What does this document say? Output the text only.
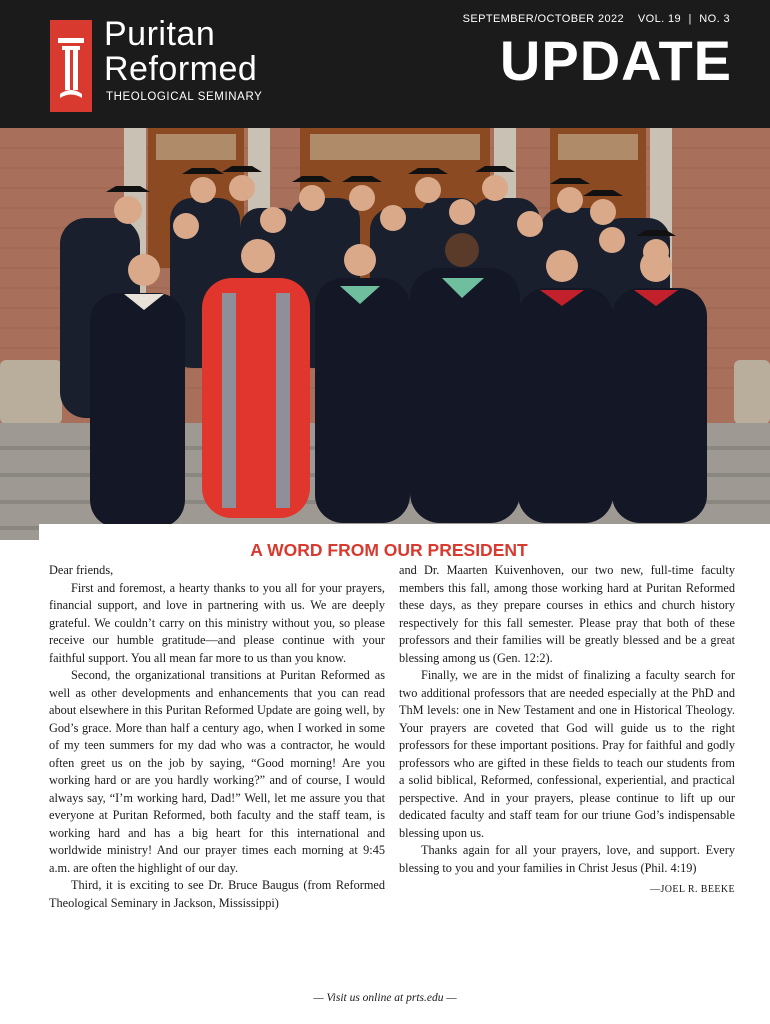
Puritan
Reformed
THEOLOGICAL SEMINARY
SEPTEMBER/OCTOBER 2022 VOL. 19 | NO. 3
UPDATE
A WORD FROM OUR PRESIDENT

Dear friends,

First and foremost, a hearty thanks to you all for your prayers, financial support, and love in partnering with us. We are deeply grateful. We couldn’t carry on this ministry without you, so please receive our humble gratitude—and please continue with your faithful support. You all mean far more to us than you know.

Second, the organizational transitions at Puritan Reformed as well as other developments and enhancements that you can read about elsewhere in this Puritan Reformed Update are going well, by God’s grace. More than half a century ago, when I worked in some of my teen summers for my dad who was a contractor, he would often greet us on the job by saying, “Good morning! Are you working hard or are you hardly working?” and of course, I would always say, “I’m working hard, Dad!” Well, let me assure you that everyone at Puritan Reformed, both faculty and the staff team, is working hard and has a big heart for this international and worldwide ministry! And our prayer times each morning at 9:45 a.m. are often the highlight of our day.

Third, it is exciting to see Dr. Bruce Baugus (from Reformed Theological Seminary in Jackson, Mississippi)

and Dr. Maarten Kuivenhoven, our two new, full-time faculty members this fall, among those working hard at Puritan Reformed these days, as they prepare courses in ethics and church history respectively for this fall semester. Please pray that both of these professors and their families will be greatly blessed and be a great blessing among us (Gen. 12:2).

Finally, we are in the midst of finalizing a faculty search for two additional professors that are needed especially at the PhD and ThM levels: one in New Testament and one in Historical Theology. Your prayers are coveted that God will guide us to the right professors for these important positions. Pray for faithful and godly professors who are gifted in these fields to teach our students from a solid biblical, Reformed, confessional, experiential, and practical perspective. And in your prayers, please continue to lift up our dedicated faculty and staff team for our triune God’s indispensable blessing upon us.

Thanks again for all your prayers, love, and support. Every blessing to you and your families in Christ Jesus (Phil. 4:19)

—JOEL R. BEEKE
— Visit us online at prts.edu —
